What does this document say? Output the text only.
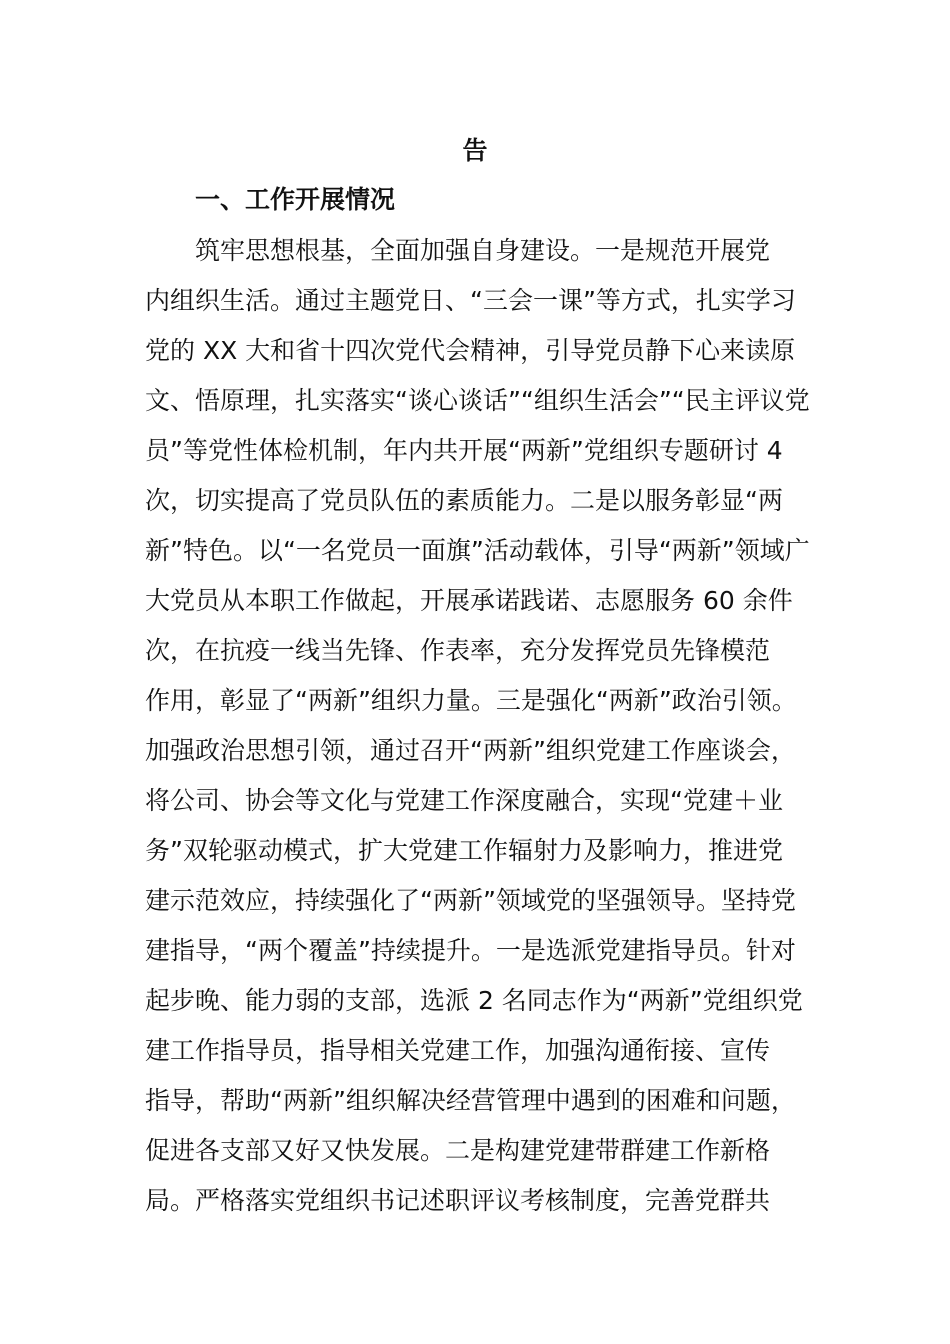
告
一、工作开展情况
筑牢思想根基，全面加强自身建设。一是规范开展党
内组织生活。通过主题党日、“三会一课”等方式，扎实学习
党的 XX 大和省十四次党代会精神，引导党员静下心来读原
文、悟原理，扎实落实“谈心谈话”“组织生活会”“民主评议党
员”等党性体检机制，年内共开展“两新”党组织专题研讨 4
次，切实提高了党员队伍的素质能力。二是以服务彰显“两
新”特色。以“一名党员一面旗”活动载体，引导“两新”领域广
大党员从本职工作做起，开展承诺践诺、志愿服务 60 余件
次，在抗疫一线当先锋、作表率，充分发挥党员先锋模范
作用，彰显了“两新”组织力量。三是强化“两新”政治引领。
加强政治思想引领，通过召开“两新”组织党建工作座谈会，
将公司、协会等文化与党建工作深度融合，实现“党建＋业
务”双轮驱动模式，扩大党建工作辐射力及影响力，推进党
建示范效应，持续强化了“两新”领域党的坚强领导。坚持党
建指导，“两个覆盖”持续提升。一是选派党建指导员。针对
起步晚、能力弱的支部，选派 2 名同志作为“两新”党组织党
建工作指导员，指导相关党建工作，加强沟通衔接、宣传
指导，帮助“两新”组织解决经营管理中遇到的困难和问题，
促进各支部又好又快发展。二是构建党建带群建工作新格
局。严格落实党组织书记述职评议考核制度，完善党群共
